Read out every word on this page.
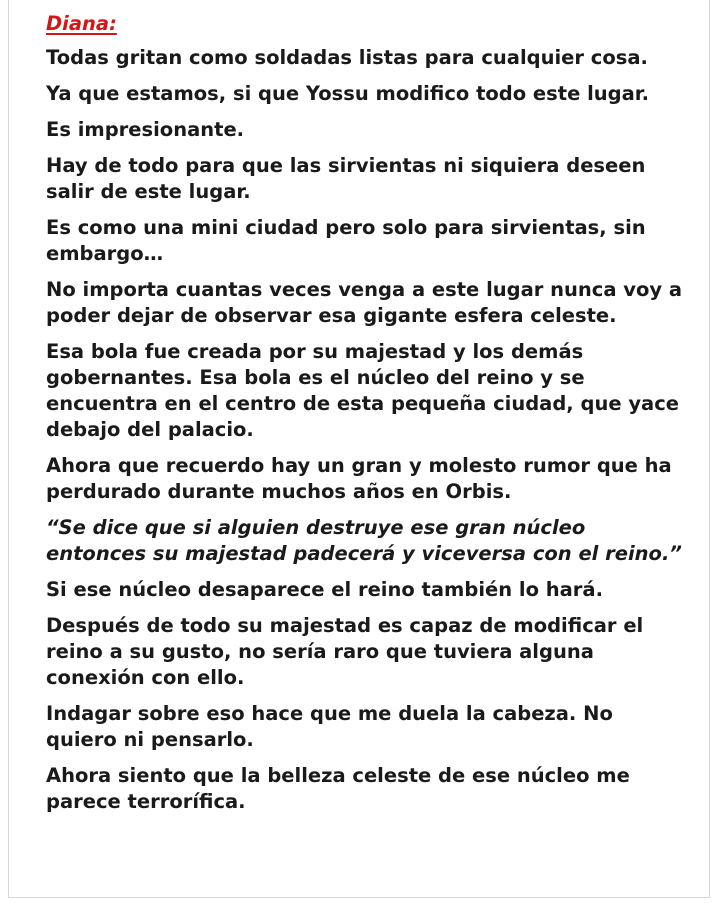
Diana:

Todas gritan como soldadas listas para cualquier cosa.

Ya que estamos, si que Yossu modifico todo este lugar.

Es impresionante.

Hay de todo para que las sirvientas ni siquiera deseen salir de este lugar.

Es como una mini ciudad pero solo para sirvientas, sin embargo…

No importa cuantas veces venga a este lugar nunca voy a poder dejar de observar esa gigante esfera celeste.

Esa bola fue creada por su majestad y los demás gobernantes. Esa bola es el núcleo del reino y se encuentra en el centro de esta pequeña ciudad, que yace debajo del palacio.

Ahora que recuerdo hay un gran y molesto rumor que ha perdurado durante muchos años en Orbis.

“Se dice que si alguien destruye ese gran núcleo entonces su majestad padecerá y viceversa con el reino.”

Si ese núcleo desaparece el reino también lo hará.

Después de todo su majestad es capaz de modificar el reino a su gusto, no sería raro que tuviera alguna conexión con ello.

Indagar sobre eso hace que me duela la cabeza. No quiero ni pensarlo.

Ahora siento que la belleza celeste de ese núcleo me parece terrorífica.
